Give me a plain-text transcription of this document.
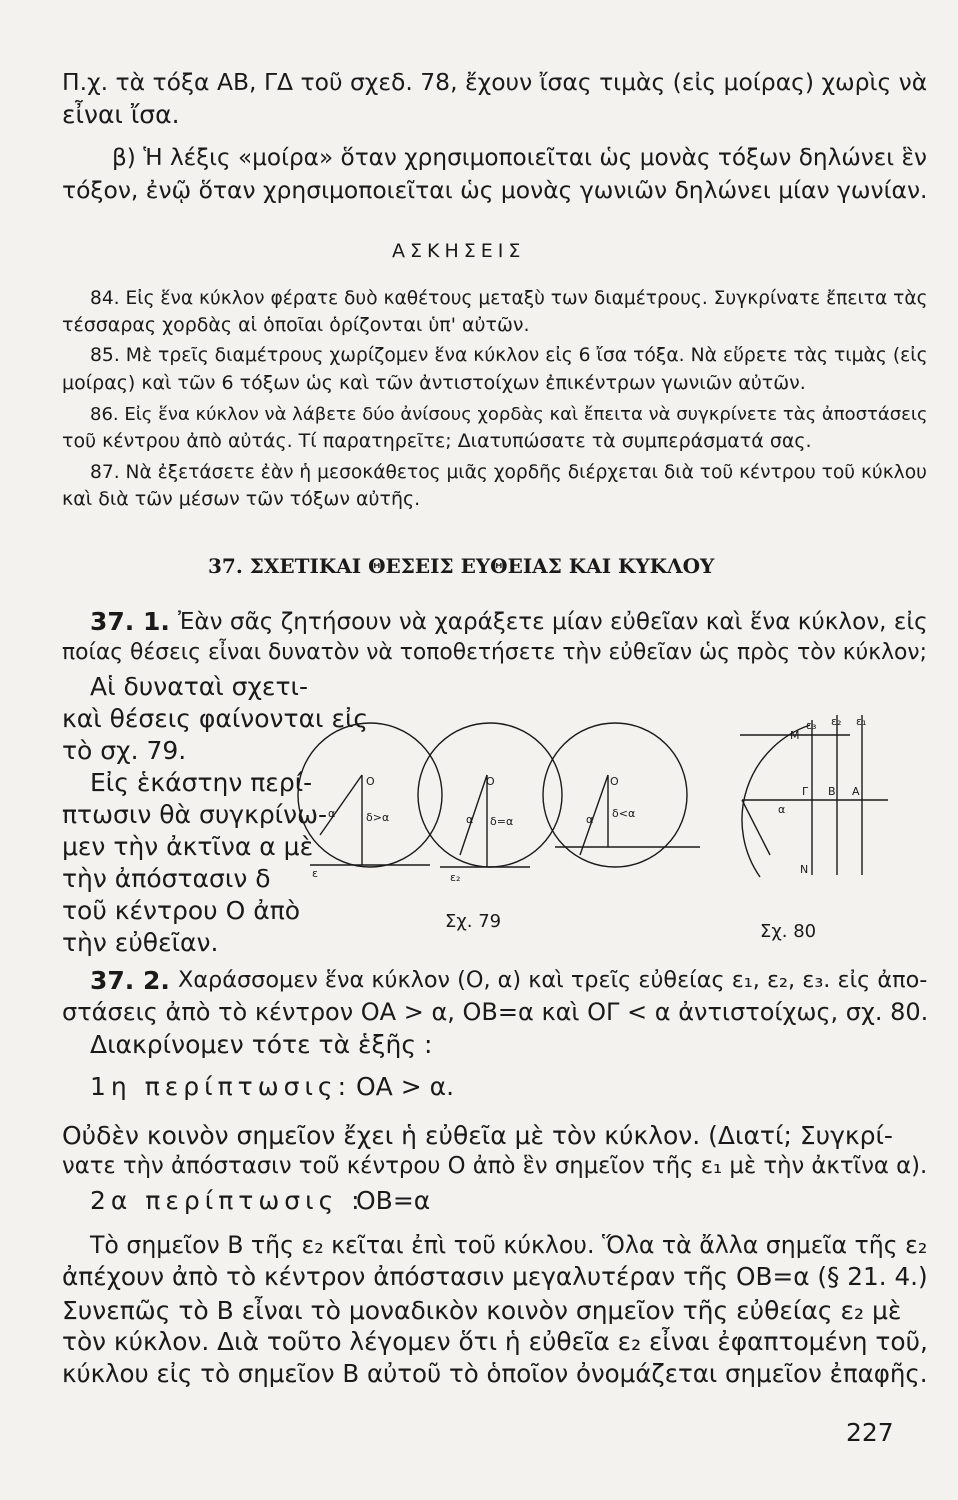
Π.χ. τὰ τόξα ΑΒ, ΓΔ τοῦ σχεδ. 78, ἔχουν ἴσας τιμὰς (εἰς μοίρας) χωρὶς νὰ
εἶναι ἴσα.
β) Ἡ λέξις «μοίρα» ὅταν χρησιμοποιεῖται ὡς μονὰς τόξων δηλώνει ἓν
τόξον, ἐνῷ ὅταν χρησιμοποιεῖται ὡς μονὰς γωνιῶν δηλώνει μίαν γωνίαν.
ΑΣΚΗΣΕΙΣ
84. Εἰς ἕνα κύκλον φέρατε δυὸ καθέτους μεταξὺ των διαμέτρους. Συγκρίνατε ἔπειτα τὰς
τέσσαρας χορδὰς αἱ ὁποῖαι ὁρίζονται ὑπ' αὐτῶν.
85. Μὲ τρεῖς διαμέτρους χωρίζομεν ἕνα κύκλον εἰς 6 ἴσα τόξα. Νὰ εὕρετε τὰς τιμὰς (εἰς
μοίρας) καὶ τῶν 6 τόξων ὡς καὶ τῶν ἀντιστοίχων ἐπικέντρων γωνιῶν αὐτῶν.
86. Εἰς ἕνα κύκλον νὰ λάβετε δύο ἀνίσους χορδὰς καὶ ἔπειτα νὰ συγκρίνετε τὰς ἀποστάσεις
τοῦ κέντρου ἀπὸ αὐτάς. Τί παρατηρεῖτε; Διατυπώσατε τὰ συμπεράσματά σας.
87. Νὰ ἐξετάσετε ἐὰν ἡ μεσοκάθετος μιᾶς χορδῆς διέρχεται διὰ τοῦ κέντρου τοῦ κύκλου
καὶ διὰ τῶν μέσων τῶν τόξων αὐτῆς.
37. ΣΧΕΤΙΚΑΙ ΘΕΣΕΙΣ ΕΥΘΕΙΑΣ ΚΑΙ ΚΥΚΛΟΥ
37. 1. Ἐὰν σᾶς ζητήσουν νὰ χαράξετε μίαν εὐθεῖαν καὶ ἕνα κύκλον, εἰς
ποίας θέσεις εἶναι δυνατὸν νὰ τοποθετήσετε τὴν εὐθεῖαν ὡς πρὸς τὸν κύκλον;
Αἱ δυναταὶ σχετι-
καὶ θέσεις φαίνονται εἰς
τὸ σχ. 79.
Εἰς ἑκάστην περί-
πτωσιν θὰ συγκρίνω-
μεν τὴν ἀκτῖνα α μὲ
τὴν ἀπόστασιν δ
τοῦ κέντρου Ο ἀπὸ
τὴν εὐθεῖαν.
O
α	δ>α
ε
O
α δ=α
ε₂
O
α δ<α
M
ε₃ ε₂ ε₁
Γ B A
N
α
Σχ. 79	Σχ. 80
37. 2. Χαράσσομεν ἕνα κύκλον (Ο, α) καὶ τρεῖς εὐθείας ε₁, ε₂, ε₃. εἰς ἀπο-
στάσεις ἀπὸ τὸ κέντρον ΟΑ > α, ΟΒ=α καὶ ΟΓ < α ἀντιστοίχως, σχ. 80.
Διακρίνομεν τότε τὰ ἑξῆς :
1η περίπτωσις: ΟΑ > α.
Οὐδὲν κοινὸν σημεῖον ἔχει ἡ εὐθεῖα μὲ τὸν κύκλον. (Διατί; Συγκρί-
νατε τὴν ἀπόστασιν τοῦ κέντρου Ο ἀπὸ ἓν σημεῖον τῆς ε₁ μὲ τὴν ἀκτῖνα α).
2α περίπτωσις :
ΟΒ=α
Τὸ σημεῖον Β τῆς ε₂ κεῖται ἐπὶ τοῦ κύκλου. Ὅλα τὰ ἄλλα σημεῖα τῆς ε₂
ἀπέχουν ἀπὸ τὸ κέντρον ἀπόστασιν μεγαλυτέραν τῆς ΟΒ=α (§ 21. 4.)
Συνεπῶς τὸ Β εἶναι τὸ μοναδικὸν κοινὸν σημεῖον τῆς εὐθείας ε₂ μὲ
τὸν κύκλον. Διὰ τοῦτο λέγομεν ὅτι ἡ εὐθεῖα ε₂ εἶναι ἐφαπτομένη τοῦ,
κύκλου εἰς τὸ σημεῖον Β αὐτοῦ τὸ ὁποῖον ὀνομάζεται σημεῖον ἐπαφῆς.
227
